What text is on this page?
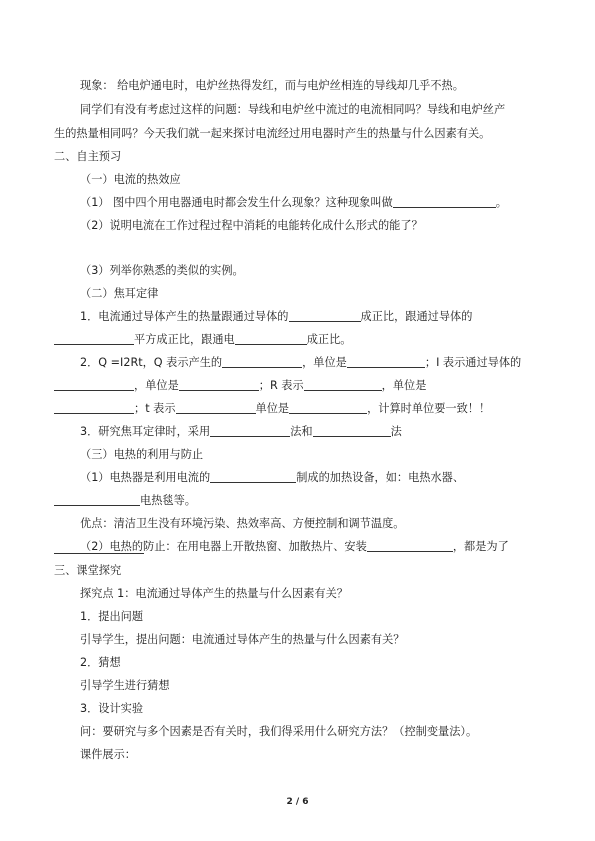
现象： 给电炉通电时，电炉丝热得发红，而与电炉丝相连的导线却几乎不热。
同学们有没有考虑过这样的问题：导线和电炉丝中流过的电流相同吗？导线和电炉丝产
生的热量相同吗？今天我们就一起来探讨电流经过用电器时产生的热量与什么因素有关。
二、自主预习
（一）电流的热效应
（1） 图中四个用电器通电时都会发生什么现象？这种现象叫做	。
（2）说明电流在工作过程过程中消耗的电能转化成什么形式的能了？
（3）列举你熟悉的类似的实例。
（二）焦耳定律
1．电流通过导体产生的热量跟通过导体的	成正比，跟通过导体的
平方成正比，跟通电	成正比。
2．Q =I2Rt，Q 表示产生的	，单位是	；I 表示通过导体的
，单位是	；R 表示	，单位是
；t 表示	单位是	，计算时单位要一致！！
3．研究焦耳定律时，采用	法和	法
（三）电热的利用与防止
（1）电热器是利用电流的	制成的加热设备，如：电热水器、
电热毯等。
优点：清洁卫生没有环境污染、热效率高、方便控制和调节温度。
（2）电热的防止：在用电器上开散热窗、加散热片、安装	，都是为了
三、课堂探究
探究点 1：电流通过导体产生的热量与什么因素有关？
1．提出问题
引导学生，提出问题：电流通过导体产生的热量与什么因素有关？
2．猜想
引导学生进行猜想
3．设计实验
问：要研究与多个因素是否有关时，我们得采用什么研究方法？（控制变量法）。
课件展示：
2 / 6
